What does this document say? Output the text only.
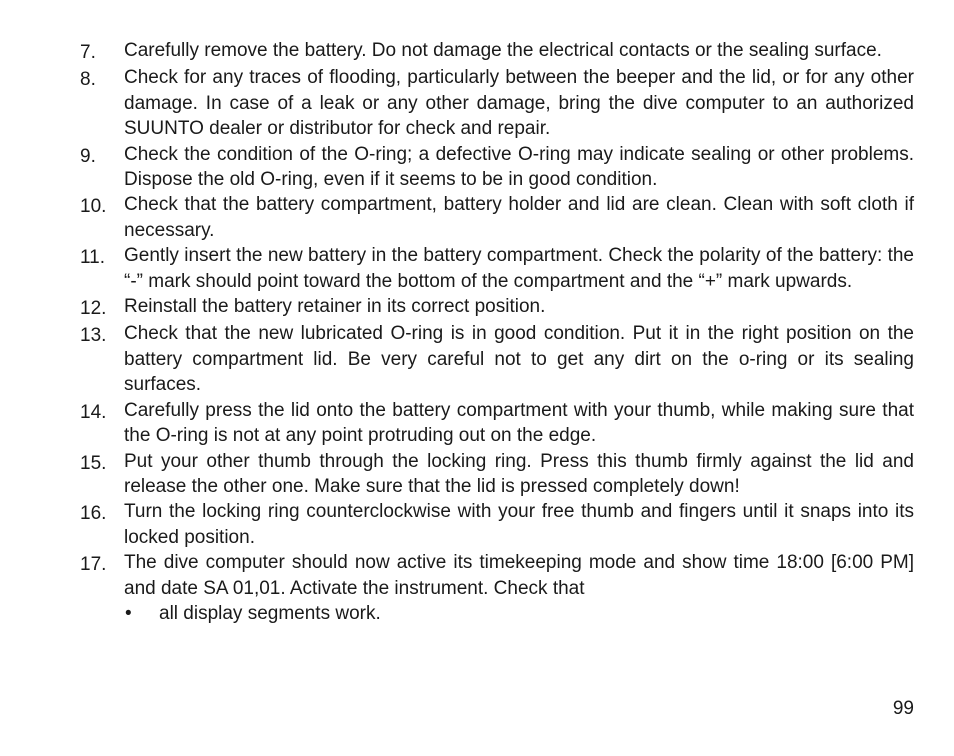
7.	Carefully remove the battery. Do not damage the electrical contacts or the sealing surface.
8.	Check for any traces of flooding, particularly between the beeper and the lid, or for any other damage. In case of a leak or any other damage, bring the dive computer to an authorized SUUNTO dealer or distributor for check and repair.
9.	Check the condition of the O-ring; a defective O-ring may indicate sealing or other problems. Dispose the old O-ring, even if it seems to be in good condition.
10. Check that the battery compartment, battery holder and lid are clean. Clean with soft cloth if necessary.
11. Gently insert the new battery in the battery compartment. Check the polarity of the battery: the “-” mark should point toward the bottom of the compartment and the “+” mark upwards.
12. Reinstall the battery retainer in its correct position.
13. Check that the new lubricated O-ring is in good condition. Put it in the right position on the battery compartment lid. Be very careful not to get any dirt on the o-ring or its sealing surfaces.
14. Carefully press the lid onto the battery compartment with your thumb, while making sure that the O-ring is not at any point protruding out on the edge.
15. Put your other thumb through the locking ring. Press this thumb firmly against the lid and release the other one. Make sure that the lid is pressed completely down!
16. Turn the locking ring counterclockwise with your free thumb and fingers until it snaps into its locked position.
17. The dive computer should now active its timekeeping mode and show time 18:00 [6:00 PM] and date SA 01,01. Activate the instrument. Check that
•	all display segments work.
99
